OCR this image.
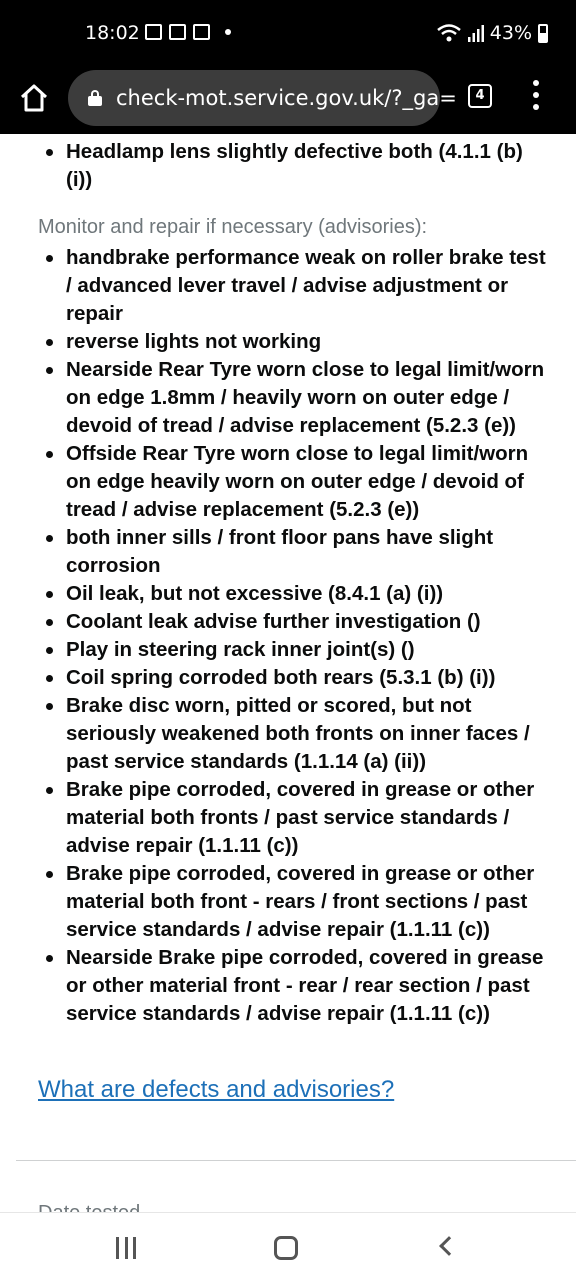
18:02	43%
check-mot.service.gov.uk/?_ga=	4
Headlamp lens slightly defective both (4.1.1 (b) (i))
Monitor and repair if necessary (advisories):
handbrake performance weak on roller brake test / advanced lever travel / advise adjustment or repair
reverse lights not working
Nearside Rear Tyre worn close to legal limit/worn on edge 1.8mm / heavily worn on outer edge / devoid of tread / advise replacement (5.2.3 (e))
Offside Rear Tyre worn close to legal limit/worn on edge heavily worn on outer edge / devoid of tread / advise replacement (5.2.3 (e))
both inner sills / front floor pans have slight corrosion
Oil leak, but not excessive (8.4.1 (a) (i))
Coolant leak advise further investigation ()
Play in steering rack inner joint(s) ()
Coil spring corroded both rears (5.3.1 (b) (i))
Brake disc worn, pitted or scored, but not seriously weakened both fronts on inner faces / past service standards (1.1.14 (a) (ii))
Brake pipe corroded, covered in grease or other material both fronts / past service standards / advise repair (1.1.11 (c))
Brake pipe corroded, covered in grease or other material both front - rears / front sections / past service standards / advise repair (1.1.11 (c))
Nearside Brake pipe corroded, covered in grease or other material front - rear / rear section / past service standards / advise repair (1.1.11 (c))
What are defects and advisories?
